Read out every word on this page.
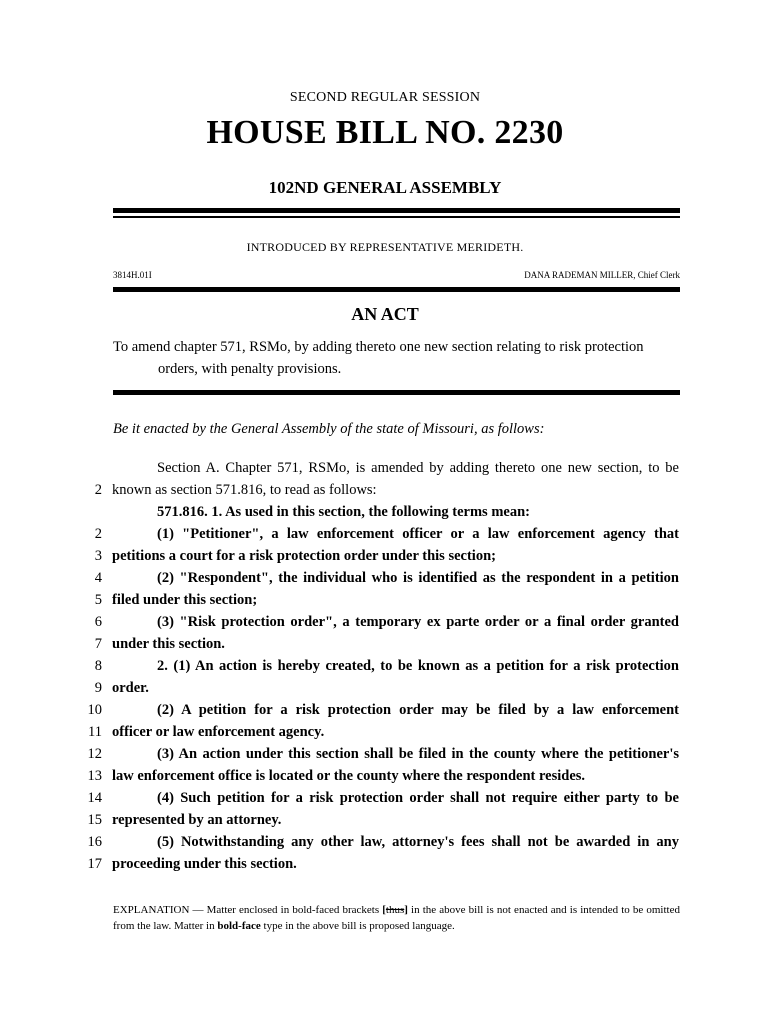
SECOND REGULAR SESSION
HOUSE BILL NO. 2230
102ND GENERAL ASSEMBLY
INTRODUCED BY REPRESENTATIVE MERIDETH.
3814H.01I	DANA RADEMAN MILLER, Chief Clerk
AN ACT
To amend chapter 571, RSMo, by adding thereto one new section relating to risk protection
orders, with penalty provisions.
Be it enacted by the General Assembly of the state of Missouri, as follows:
Section A. Chapter 571, RSMo, is amended by adding thereto one new section, to be
2 known as section 571.816, to read as follows:
571.816. 1. As used in this section, the following terms mean:
2	(1) "Petitioner", a law enforcement officer or a law enforcement agency that
3 petitions a court for a risk protection order under this section;
4	(2) "Respondent", the individual who is identified as the respondent in a petition
5 filed under this section;
6	(3) "Risk protection order", a temporary ex parte order or a final order granted
7 under this section.
8	2. (1) An action is hereby created, to be known as a petition for a risk protection
9 order.
10	(2) A petition for a risk protection order may be filed by a law enforcement
11 officer or law enforcement agency.
12	(3) An action under this section shall be filed in the county where the petitioner's
13 law enforcement office is located or the county where the respondent resides.
14	(4) Such petition for a risk protection order shall not require either party to be
15 represented by an attorney.
16	(5) Notwithstanding any other law, attorney's fees shall not be awarded in any
17 proceeding under this section.
EXPLANATION — Matter enclosed in bold-faced brackets [thus] in the above bill is not enacted and is intended to be omitted from the law. Matter in bold-face type in the above bill is proposed language.
